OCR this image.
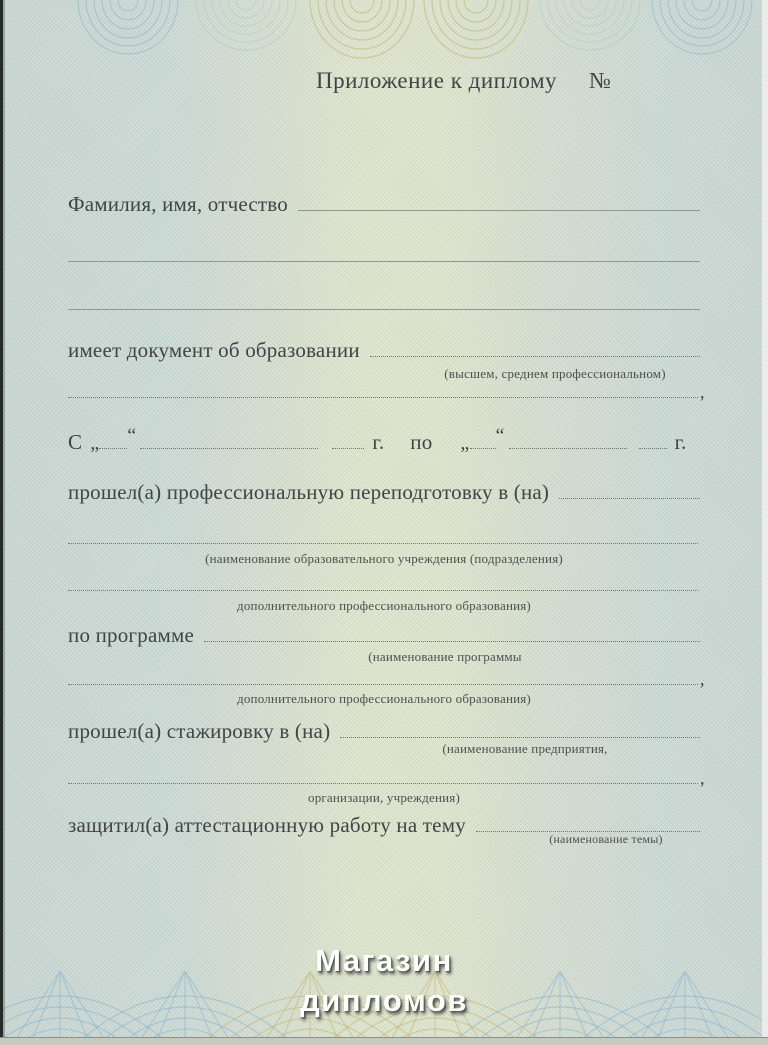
Приложение к диплому №
Фамилия, имя, отчество
имеет документ об образовании
(высшем, среднем профессиональном)
,
С „ “	г. по „ “	г.
прошел(а) профессиональную переподготовку в (на)
(наименование образовательного учреждения (подразделения)
дополнительного профессионального образования)
по программе
(наименование программы
,
дополнительного профессионального образования)
прошел(а) стажировку в (на)
(наименование предприятия,
,
организации, учреждения)
защитил(а) аттестационную работу на тему
(наименование темы)
Магазин
дипломов
